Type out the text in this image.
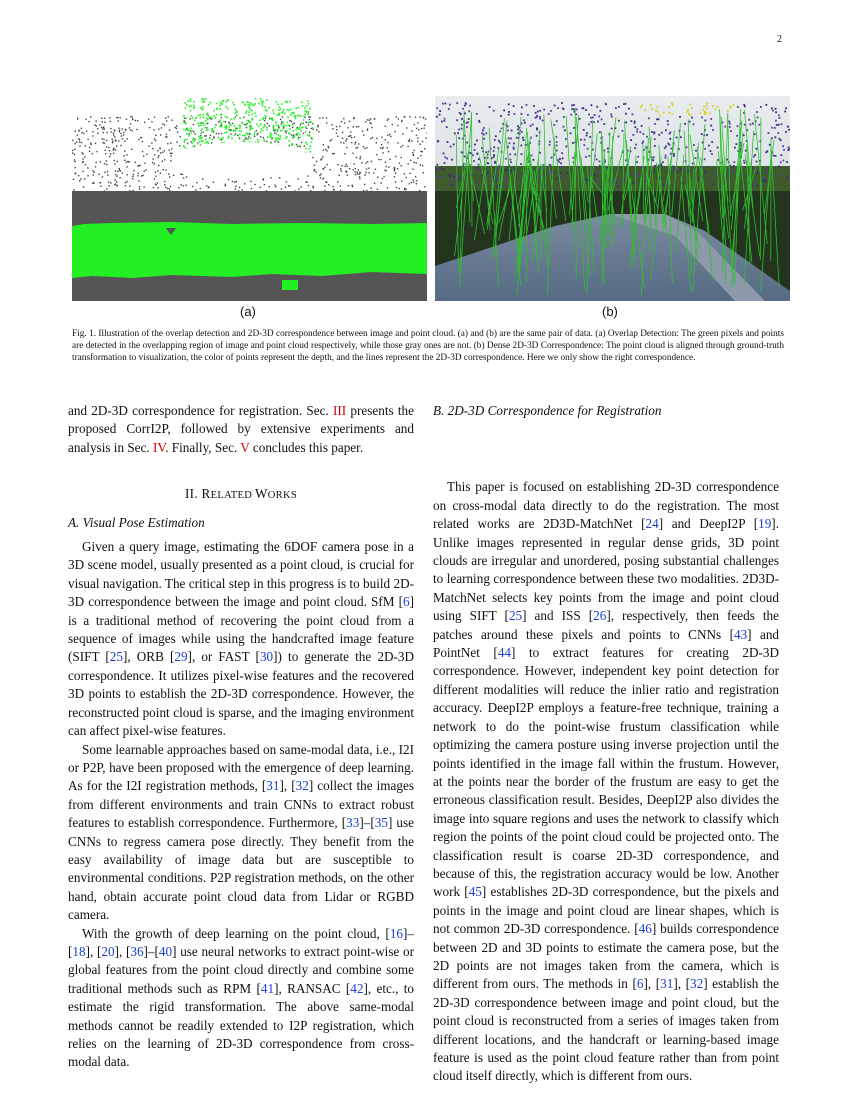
2
(a)	(b)
Fig. 1. Illustration of the overlap detection and 2D-3D correspondence between image and point cloud. (a) and (b) are the same pair of data. (a) Overlap Detection: The green pixels and points are detected in the overlapping region of image and point cloud respectively, while those gray ones are not. (b) Dense 2D-3D Correspondence: The point cloud is aligned through ground-truth transformation to visualization, the color of points represent the depth, and the lines represent the 2D-3D correspondence. Here we only show the right correspondence.

and 2D-3D correspondence for registration. Sec. III presents the proposed CorrI2P, followed by extensive experiments and analysis in Sec. IV. Finally, Sec. V concludes this paper.

II. RELATED WORKS
A. Visual Pose Estimation

Given a query image, estimating the 6DOF camera pose in a 3D scene model, usually presented as a point cloud, is crucial for visual navigation. The critical step in this progress is to build 2D-3D correspondence between the image and point cloud. SfM [6] is a traditional method of recovering the point cloud from a sequence of images while using the handcrafted image feature (SIFT [25], ORB [29], or FAST [30]) to generate the 2D-3D correspondence. It utilizes pixel-wise features and the recovered 3D points to establish the 2D-3D correspondence. However, the reconstructed point cloud is sparse, and the imaging environment can affect pixel-wise features.

Some learnable approaches based on same-modal data, i.e., I2I or P2P, have been proposed with the emergence of deep learning. As for the I2I registration methods, [31], [32] collect the images from different environments and train CNNs to extract robust features to establish correspondence. Furthermore, [33]–[35] use CNNs to regress camera pose directly. They benefit from the easy availability of image data but are susceptible to environmental conditions. P2P registration methods, on the other hand, obtain accurate point cloud data from Lidar or RGBD camera.

With the growth of deep learning on the point cloud, [16]–[18], [20], [36]–[40] use neural networks to extract point-wise or global features from the point cloud directly and combine some traditional methods such as RPM [41], RANSAC [42], etc., to estimate the rigid transformation. The above same-modal methods cannot be readily extended to I2P registration, which relies on the learning of 2D-3D correspondence from cross-modal data.

B. 2D-3D Correspondence for Registration

This paper is focused on establishing 2D-3D correspondence on cross-modal data directly to do the registration. The most related works are 2D3D-MatchNet [24] and DeepI2P [19]. Unlike images represented in regular dense grids, 3D point clouds are irregular and unordered, posing substantial challenges to learning correspondence between these two modalities. 2D3D-MatchNet selects key points from the image and point cloud using SIFT [25] and ISS [26], respectively, then feeds the patches around these pixels and points to CNNs [43] and PointNet [44] to extract features for creating 2D-3D correspondence. However, independent key point detection for different modalities will reduce the inlier ratio and registration accuracy. DeepI2P employs a feature-free technique, training a network to do the point-wise frustum classification while optimizing the camera posture using inverse projection until the points identified in the image fall within the frustum. However, at the points near the border of the frustum are easy to get the erroneous classification result. Besides, DeepI2P also divides the image into square regions and uses the network to classify which region the points of the point cloud could be projected onto. The classification result is coarse 2D-3D correspondence, and because of this, the registration accuracy would be low. Another work [45] establishes 2D-3D correspondence, but the pixels and points in the image and point cloud are linear shapes, which is not common 2D-3D correspondence. [46] builds correspondence between 2D and 3D points to estimate the camera pose, but the 2D points are not images taken from the camera, which is different from ours. The methods in [6], [31], [32] establish the 2D-3D correspondence between image and point cloud, but the point cloud is reconstructed from a series of images taken from different locations, and the handcraft or learning-based image feature is used as the point cloud feature rather than from point cloud itself directly, which is different from ours.
